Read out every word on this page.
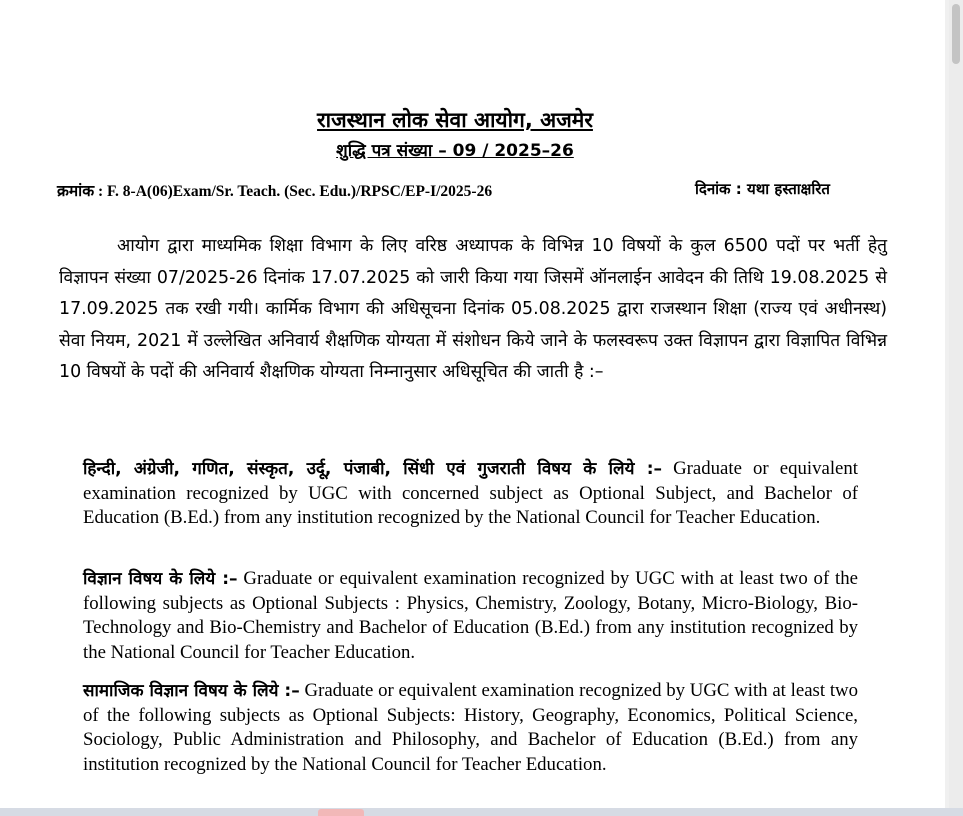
राजस्थान लोक सेवा आयोग, अजमेर
शुद्धि पत्र संख्या – 09 / 2025–26
क्रमांक : F. 8-A(06)Exam/Sr. Teach. (Sec. Edu.)/RPSC/EP-I/2025-26	दिनांक : यथा हस्ताक्षरित
आयोग द्वारा माध्यमिक शिक्षा विभाग के लिए वरिष्ठ अध्यापक के विभिन्न 10 विषयों के कुल 6500 पदों पर भर्ती हेतु विज्ञापन संख्या 07/2025-26 दिनांक 17.07.2025 को जारी किया गया जिसमें ऑनलाईन आवेदन की तिथि 19.08.2025 से 17.09.2025 तक रखी गयी। कार्मिक विभाग की अधिसूचना दिनांक 05.08.2025 द्वारा राजस्थान शिक्षा (राज्य एवं अधीनस्थ) सेवा नियम, 2021 में उल्लेखित अनिवार्य शैक्षणिक योग्यता में संशोधन किये जाने के फलस्वरूप उक्त विज्ञापन द्वारा विज्ञापित विभिन्न 10 विषयों के पदों की अनिवार्य शैक्षणिक योग्यता निम्नानुसार अधिसूचित की जाती है :–
हिन्दी, अंग्रेजी, गणित, संस्कृत, उर्दू, पंजाबी, सिंधी एवं गुजराती विषय के लिये :– Graduate or equivalent examination recognized by UGC with concerned subject as Optional Subject, and Bachelor of Education (B.Ed.) from any institution recognized by the National Council for Teacher Education.
विज्ञान विषय के लिये :– Graduate or equivalent examination recognized by UGC with at least two of the following subjects as Optional Subjects : Physics, Chemistry, Zoology, Botany, Micro-Biology, Bio-Technology and Bio-Chemistry and Bachelor of Education (B.Ed.) from any institution recognized by the National Council for Teacher Education.
सामाजिक विज्ञान विषय के लिये :– Graduate or equivalent examination recognized by UGC with at least two of the following subjects as Optional Subjects: History, Geography, Economics, Political Science, Sociology, Public Administration and Philosophy, and Bachelor of Education (B.Ed.) from any institution recognized by the National Council for Teacher Education.
